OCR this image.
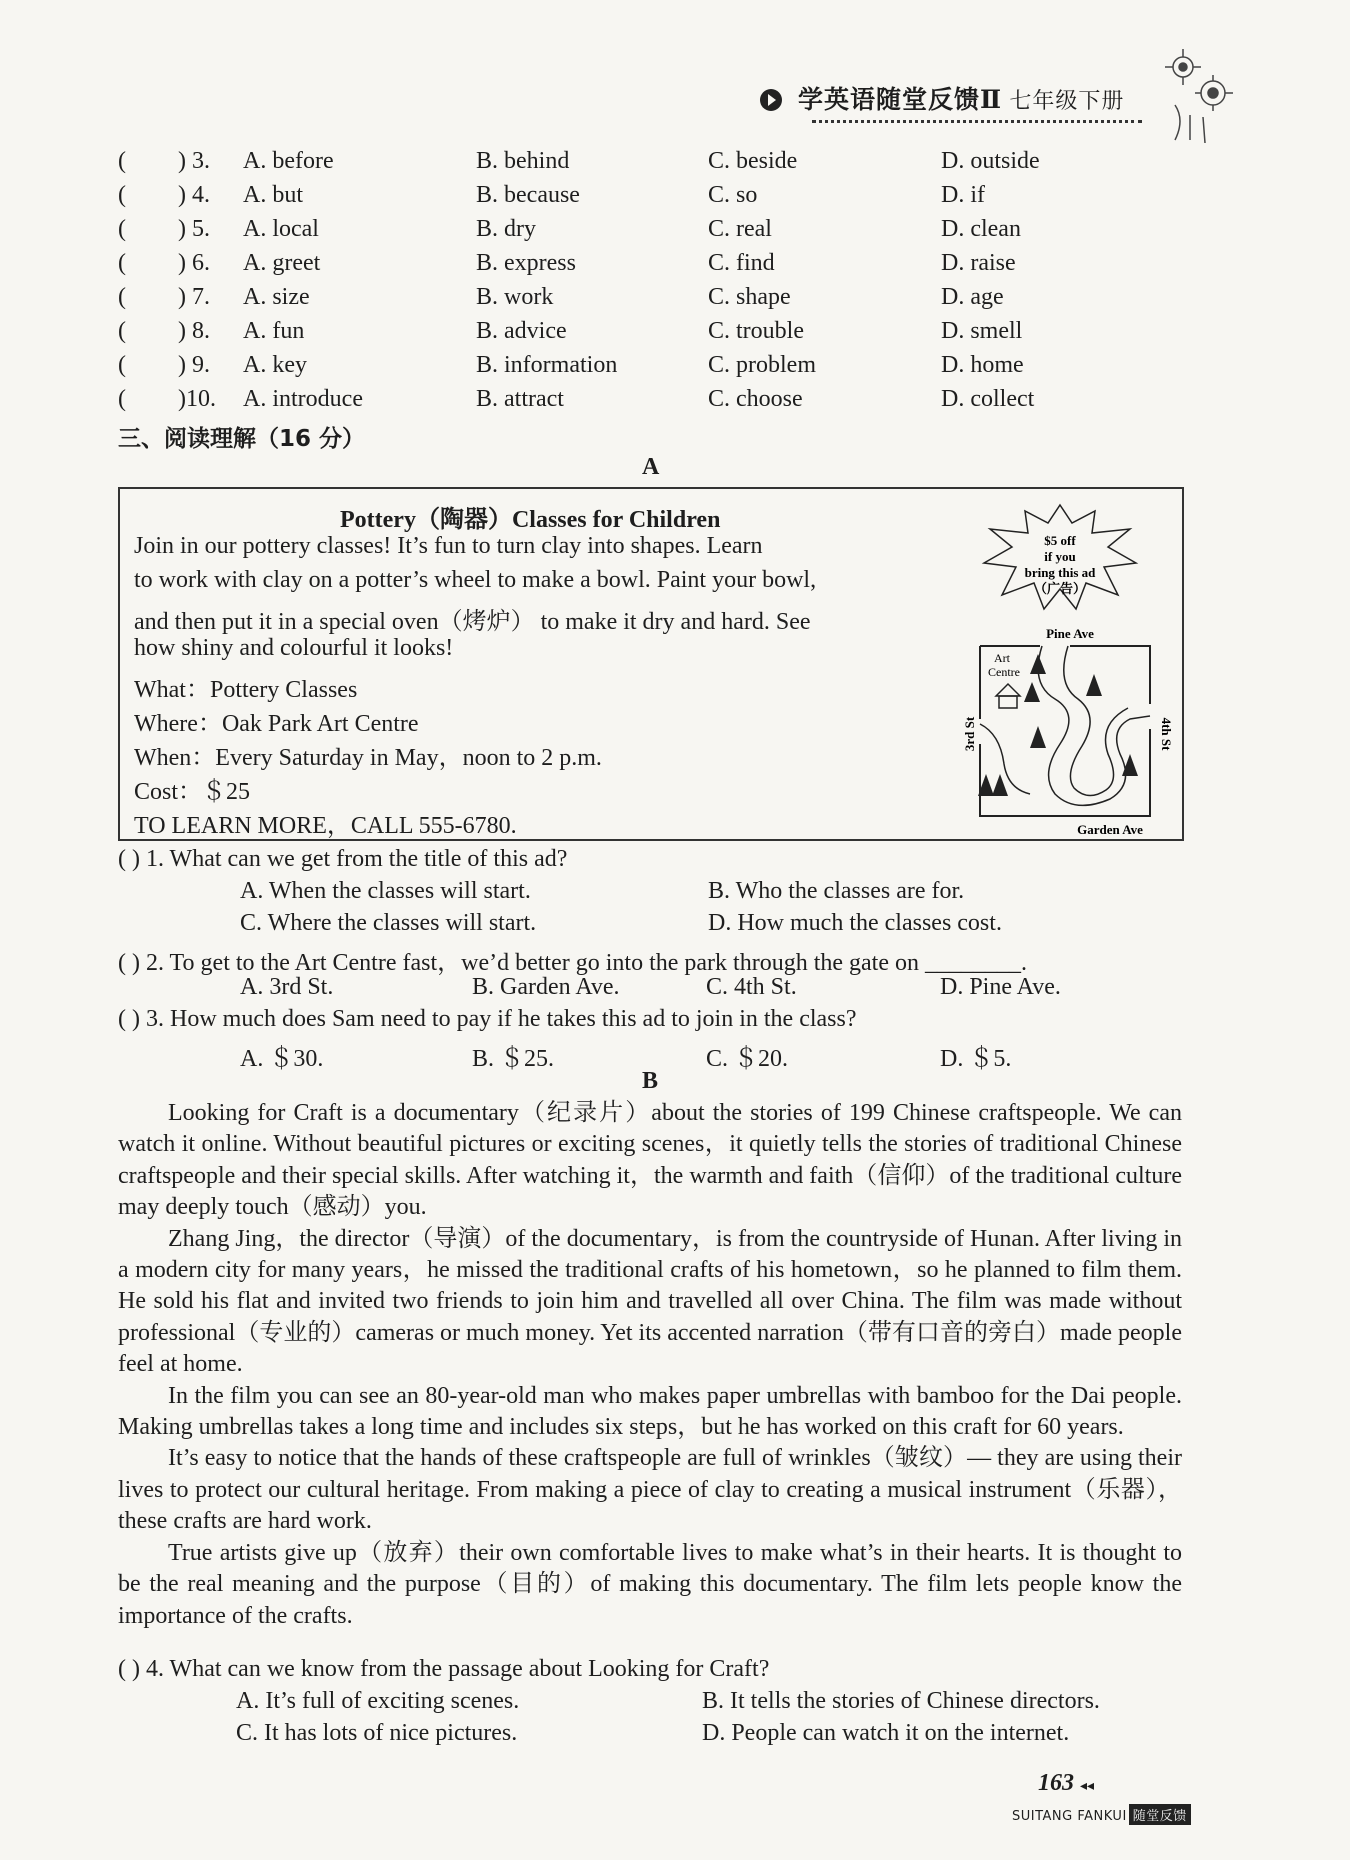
学英语随堂反馈Ⅱ 七年级下册
( ) 3. A. before	B. behind	C. beside	D. outside
( ) 4. A. but	B. because	C. so	D. if
( ) 5. A. local	B. dry	C. real	D. clean
( ) 6. A. greet	B. express	C. find	D. raise
( ) 7. A. size	B. work	C. shape	D. age
( ) 8. A. fun	B. advice	C. trouble	D. smell
( ) 9. A. key	B. information	C. problem	D. home
( )10. A. introduce	B. attract	C. choose	D. collect
三、阅读理解（16 分）
A
Pottery（陶器）Classes for Children
Join in our pottery classes! It’s fun to turn clay into shapes. Learn
to work with clay on a potter’s wheel to make a bowl. Paint your bowl,
and then put it in a special oven（烤炉） to make it dry and hard. See
how shiny and colourful it looks!
What：Pottery Classes
Where：Oak Park Art Centre
When：Every Saturday in May，noon to 2 p.m.
Cost：＄25
TO LEARN MORE，CALL 555-6780.
$5 off
if you
bring this ad
（广告）
Pine Ave
Garden Ave
3rd St	4th St
Art
Centre
( ) 1. What can we get from the title of this ad?
A. When the classes will start.	B. Who the classes are for.
C. Where the classes will start.	D. How much the classes cost.
( ) 2. To get to the Art Centre fast，we’d better go into the park through the gate on ________.
A. 3rd St.	B. Garden Ave.	C. 4th St.	D. Pine Ave.
( ) 3. How much does Sam need to pay if he takes this ad to join in the class?
A. ＄30.	B. ＄25.	C. ＄20.	D. ＄5.
B

Looking for Craft is a documentary（纪录片）about the stories of 199 Chinese craftspeople. We can watch it online. Without beautiful pictures or exciting scenes，it quietly tells the stories of traditional Chinese craftspeople and their special skills. After watching it，the warmth and faith（信仰）of the traditional culture may deeply touch（感动）you.

Zhang Jing，the director（导演）of the documentary，is from the countryside of Hunan. After living in a modern city for many years，he missed the traditional crafts of his hometown，so he planned to film them. He sold his flat and invited two friends to join him and travelled all over China. The film was made without professional（专业的）cameras or much money. Yet its accented narration（带有口音的旁白）made people feel at home.

In the film you can see an 80-year-old man who makes paper umbrellas with bamboo for the Dai people. Making umbrellas takes a long time and includes six steps，but he has worked on this craft for 60 years.

It’s easy to notice that the hands of these craftspeople are full of wrinkles（皱纹）— they are using their lives to protect our cultural heritage. From making a piece of clay to creating a musical instrument（乐器），these crafts are hard work.

True artists give up（放弃）their own comfortable lives to make what’s in their hearts. It is thought to be the real meaning and the purpose（目的）of making this documentary. The film lets people know the importance of the crafts.

( ) 4. What can we know from the passage about Looking for Craft?
A. It’s full of exciting scenes.	B. It tells the stories of Chinese directors.
C. It has lots of nice pictures.	D. People can watch it on the internet.
163 ◂◂
SUITANG FANKUI 随堂反馈
